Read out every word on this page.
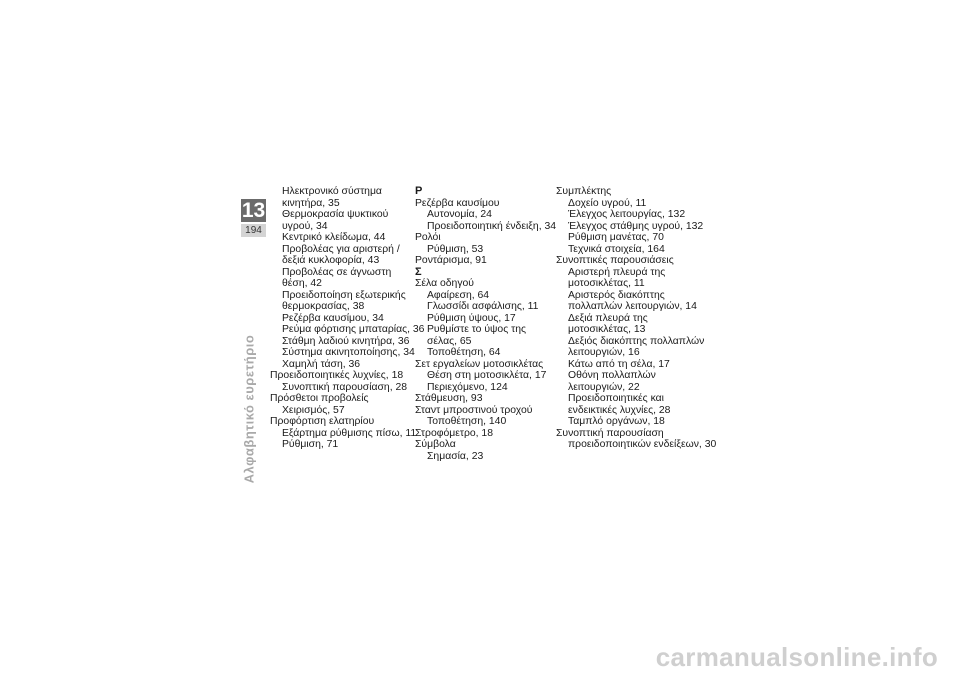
13
194
Αλφαβητικό ευρετήριο
Ηλεκτρονικό σύστημα
κινητήρα, 35
Θερμοκρασία ψυκτικού
υγρού, 34
Κεντρικό κλείδωμα, 44
Προβολέας για αριστερή /
δεξιά κυκλοφορία, 43
Προβολέας σε άγνωστη
θέση, 42
Προειδοποίηση εξωτερικής
θερμοκρασίας, 38
Ρεζέρβα καυσίμου, 34
Ρεύμα φόρτισης μπαταρίας, 36
Στάθμη λαδιού κινητήρα, 36
Σύστημα ακινητοποίησης, 34
Χαμηλή τάση, 36
Προειδοποιητικές λυχνίες, 18
Συνοπτική παρουσίαση, 28
Πρόσθετοι προβολείς
Χειρισμός, 57
Προφόρτιση ελατηρίου
Εξάρτημα ρύθμισης πίσω, 11
Ρύθμιση, 71
Ρ
Ρεζέρβα καυσίμου
Αυτονομία, 24
Προειδοποιητική ένδειξη, 34
Ρολόι
Ρύθμιση, 53
Ροντάρισμα, 91
Σ
Σέλα οδηγού
Αφαίρεση, 64
Γλωσσίδι ασφάλισης, 11
Ρύθμιση ύψους, 17
Ρυθμίστε το ύψος της
σέλας, 65
Τοποθέτηση, 64
Σετ εργαλείων μοτοσικλέτας
Θέση στη μοτοσικλέτα, 17
Περιεχόμενο, 124
Στάθμευση, 93
Σταντ μπροστινού τροχού
Τοποθέτηση, 140
Στροφόμετρο, 18
Σύμβολα
Σημασία, 23
Συμπλέκτης
Δοχείο υγρού, 11
Έλεγχος λειτουργίας, 132
Έλεγχος στάθμης υγρού, 132
Ρύθμιση μανέτας, 70
Τεχνικά στοιχεία, 164
Συνοπτικές παρουσιάσεις
Αριστερή πλευρά της
μοτοσικλέτας, 11
Αριστερός διακόπτης
πολλαπλών λειτουργιών, 14
Δεξιά πλευρά της
μοτοσικλέτας, 13
Δεξιός διακόπτης πολλαπλών
λειτουργιών, 16
Κάτω από τη σέλα, 17
Οθόνη πολλαπλών
λειτουργιών, 22
Προειδοποιητικές και
ενδεικτικές λυχνίες, 28
Ταμπλό οργάνων, 18
Συνοπτική παρουσίαση
προειδοποιητικών ενδείξεων, 30
carmanualsonline.info
